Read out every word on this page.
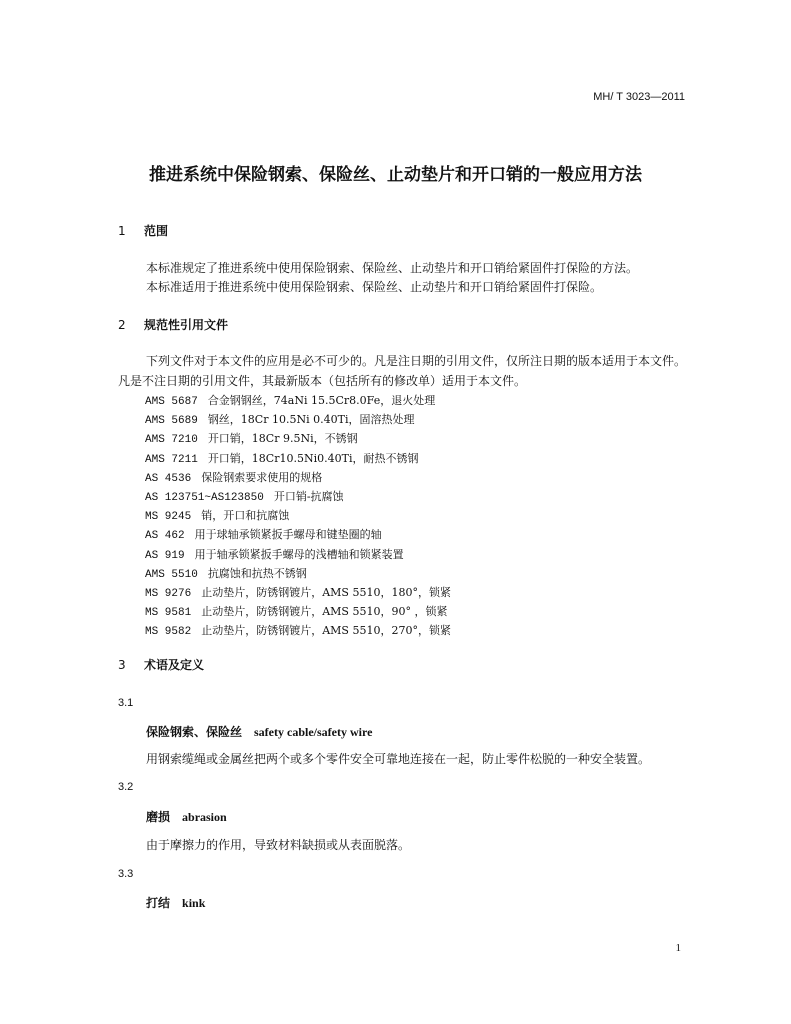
MH/ T 3023—2011
推进系统中保险钢索、保险丝、止动垫片和开口销的一般应用方法
1 范围
本标准规定了推进系统中使用保险钢索、保险丝、止动垫片和开口销给紧固件打保险的方法。
本标准适用于推进系统中使用保险钢索、保险丝、止动垫片和开口销给紧固件打保险。
2 规范性引用文件
下列文件对于本文件的应用是必不可少的。凡是注日期的引用文件，仅所注日期的版本适用于本文件。凡是不注日期的引用文件，其最新版本（包括所有的修改单）适用于本文件。
AMS 5687 合金钢钢丝，74aNi 15.5Cr8.0Fe，退火处理
AMS 5689 钢丝，18Cr 10.5Ni 0.40Ti，固溶热处理
AMS 7210 开口销，18Cr 9.5Ni，不锈钢
AMS 7211 开口销，18Cr10.5Ni0.40Ti，耐热不锈钢
AS 4536 保险钢索要求使用的规格
AS 123751~AS123850 开口销-抗腐蚀
MS 9245 销，开口和抗腐蚀
AS 462 用于球轴承锁紧扳手螺母和键垫圈的轴
AS 919 用于轴承锁紧扳手螺母的浅槽轴和锁紧装置
AMS 5510 抗腐蚀和抗热不锈钢
MS 9276 止动垫片，防锈钢镀片，AMS 5510，180°，锁紧
MS 9581 止动垫片，防锈钢镀片，AMS 5510，90° ，锁紧
MS 9582 止动垫片，防锈钢镀片，AMS 5510，270°，锁紧
3 术语及定义
3.1
保险钢索、保险丝 safety cable/safety wire
用钢索缆绳或金属丝把两个或多个零件安全可靠地连接在一起，防止零件松脱的一种安全装置。
3.2
磨损 abrasion
由于摩擦力的作用，导致材料缺损或从表面脱落。
3.3
打结 kink
1
